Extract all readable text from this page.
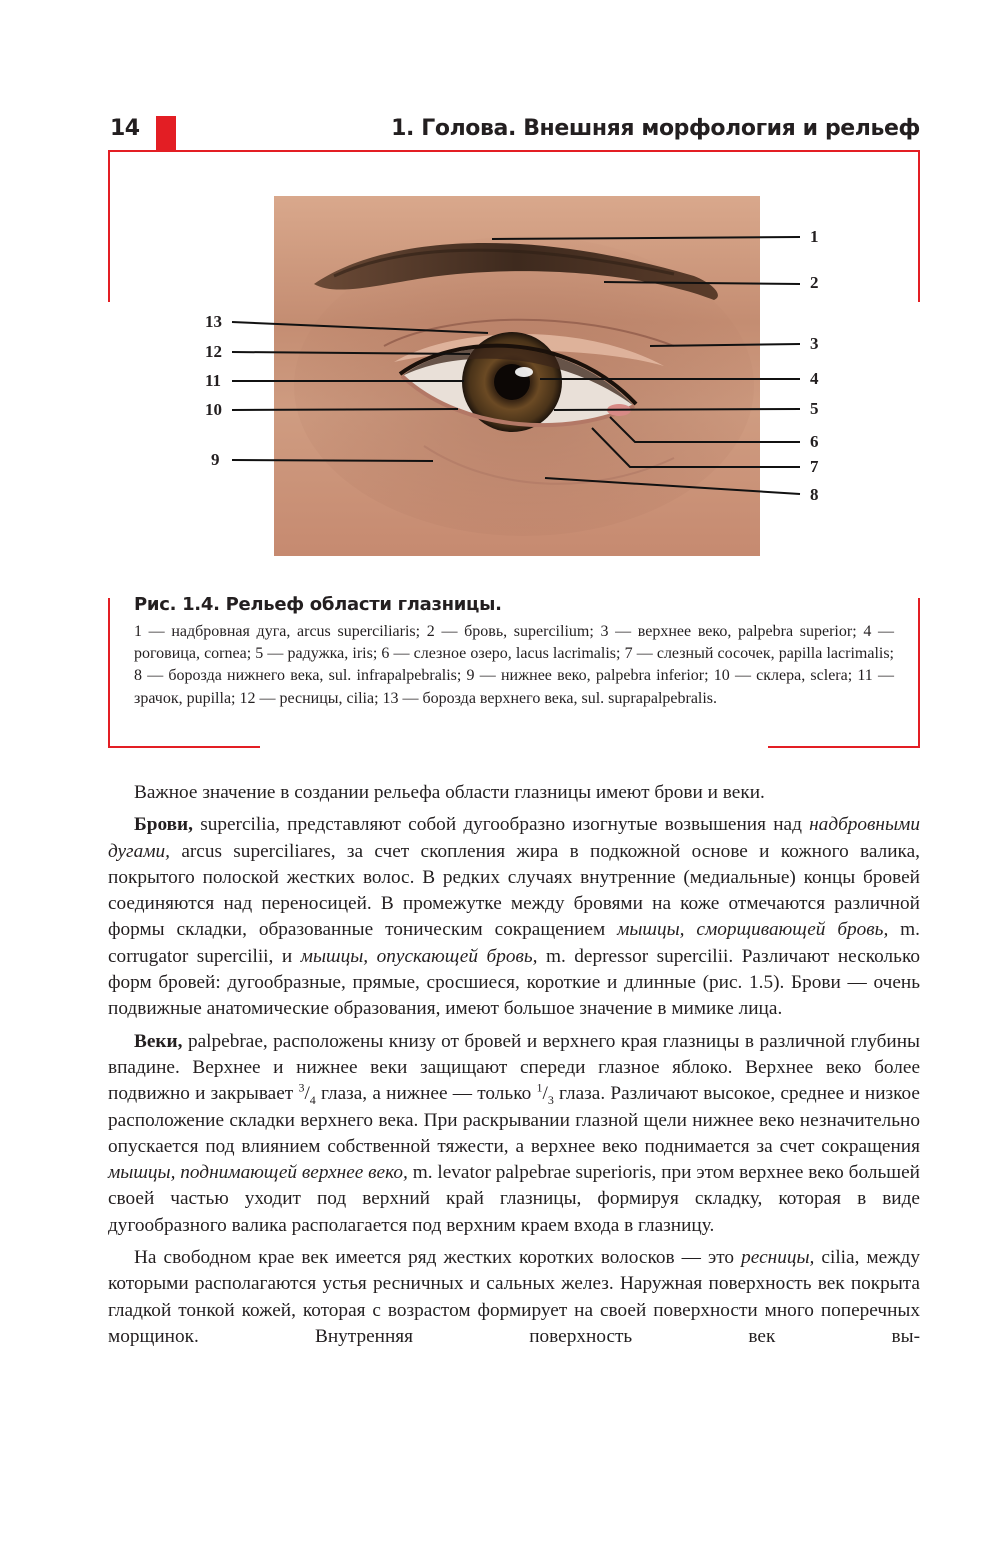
14	1. Голова. Внешняя морфология и рельеф
1
2
3
4
5
6
7
8
9
10
11
12
13
Рис. 1.4. Рельеф области глазницы.
1 — надбровная дуга, arcus superciliaris; 2 — бровь, supercilium; 3 — верхнее веко, palpebra superior; 4 — роговица, cornea; 5 — радужка, iris; 6 — слезное озеро, lacus lacrimalis; 7 — слезный сосочек, papilla lacrimalis; 8 — борозда нижнего века, sul. infrapalpebralis; 9 — нижнее веко, palpebra inferior; 10 — склера, sclera; 11 — зрачок, pupilla; 12 — ресницы, cilia; 13 — борозда верхнего века, sul. suprapalpebralis.

Важное значение в создании рельефа области глазницы имеют брови и веки.

Брови, supercilia, представляют собой дугообразно изогнутые возвышения над надбровными дугами, arcus superciliares, за счет скопления жира в подкожной основе и кожного валика, покрытого полоской жестких волос. В редких случаях внутренние (медиальные) концы бровей соединяются над переносицей. В промежутке между бровями на коже отмечаются различной формы складки, образованные тоническим сокращением мышцы, сморщивающей бровь, m. corrugator supercilii, и мышцы, опускающей бровь, m. depressor supercilii. Различают несколько форм бровей: дугообразные, прямые, сросшиеся, короткие и длинные (рис. 1.5). Брови — очень подвижные анатомические образования, имеют большое значение в мимике лица.

Веки, palpebrae, расположены книзу от бровей и верхнего края глазницы в различной глубины впадине. Верхнее и нижнее веки защищают спереди глазное яблоко. Верхнее веко более подвижно и закрывает $^3/_4$ глаза, а нижнее — только $^1/_3$ глаза. Различают высокое, среднее и низкое расположение складки верхнего века. При раскрывании глазной щели нижнее веко незначительно опускается под влиянием собственной тяжести, а верхнее веко поднимается за счет сокращения мышцы, поднимающей верхнее веко, m. levator palpebrae superioris, при этом верхнее веко большей своей частью уходит под верхний край глазницы, формируя складку, которая в виде дугообразного валика располагается под верхним краем входа в глазницу.

На свободном крае век имеется ряд жестких коротких волосков — это ресницы, cilia, между которыми располагаются устья ресничных и сальных желез. Наружная поверхность век покрыта гладкой тонкой кожей, которая с возрастом формирует на своей поверхности много поперечных морщинок. Внутренняя поверхность век вы-
